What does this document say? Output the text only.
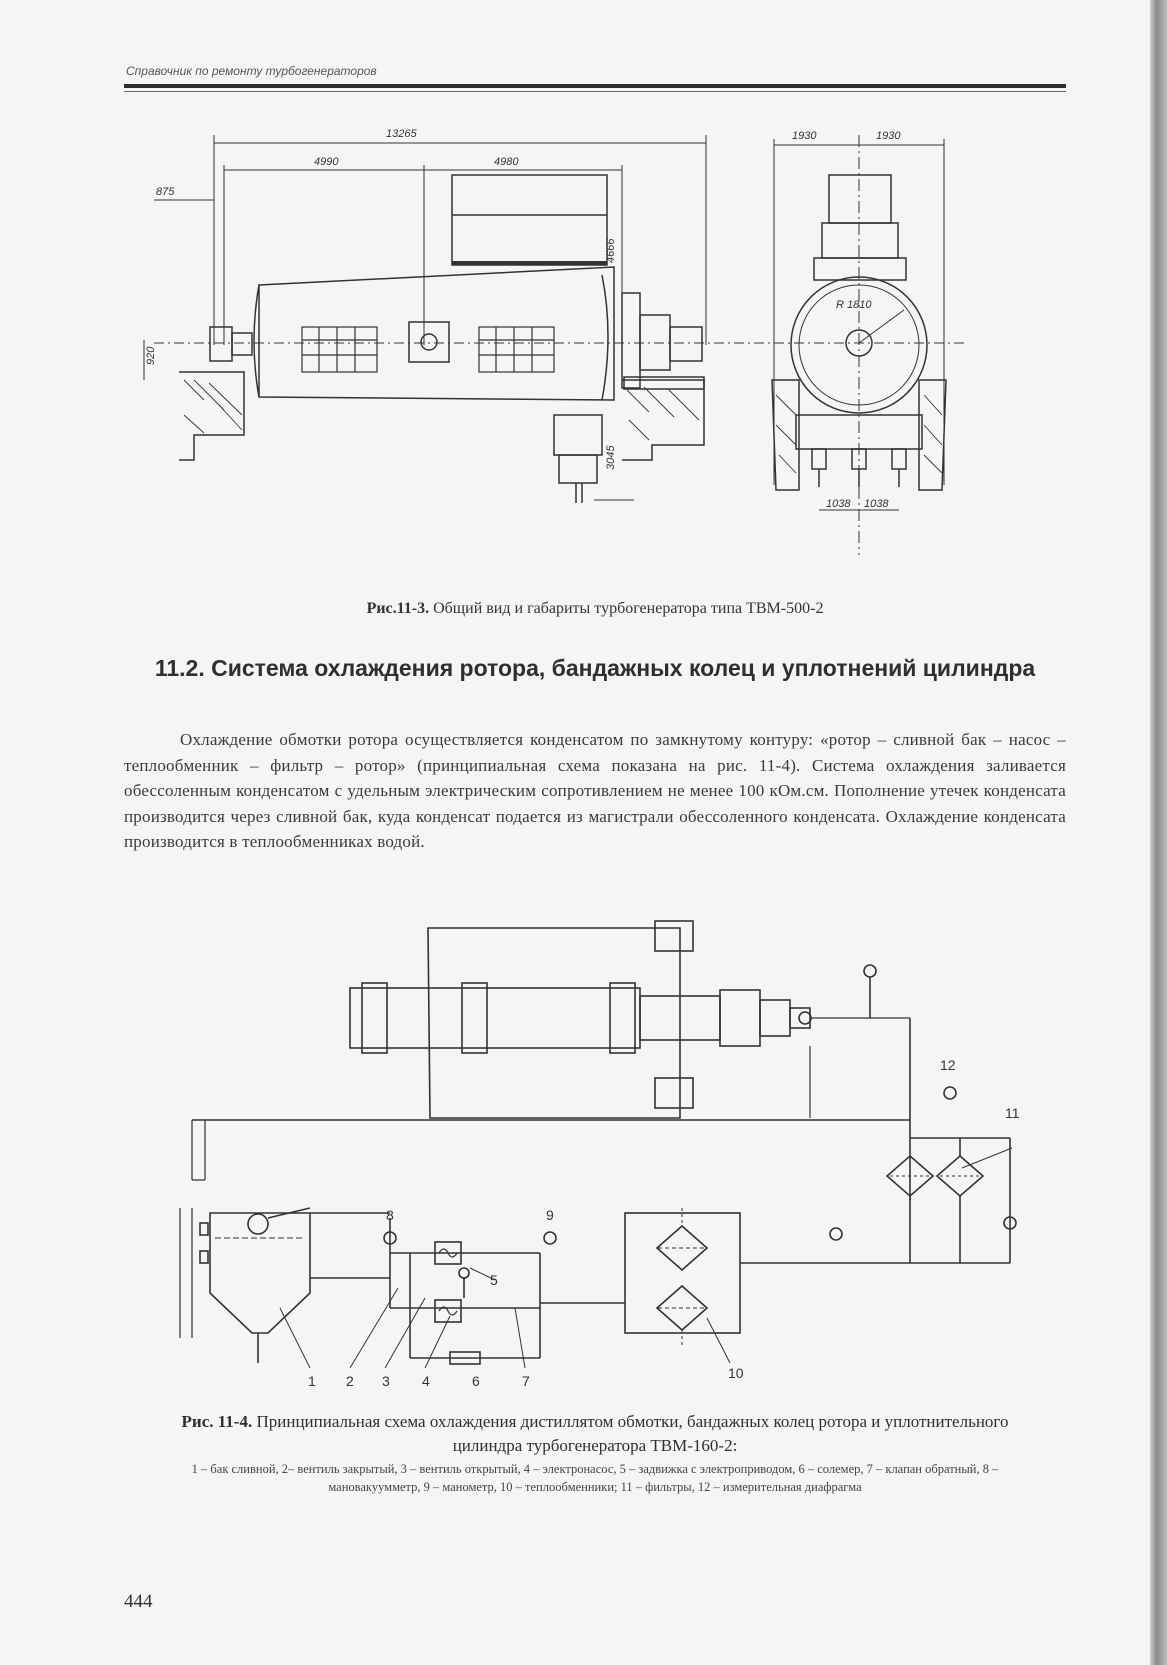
Справочник по ремонту турбогенераторов
13265
4990	4980
875
4666
3045
920
1930	1930
R 1810
1038 1038
Рис.11-3. Общий вид и габариты турбогенератора типа ТВМ-500-2
11.2. Система охлаждения ротора, бандажных колец и уплотнений цилиндра
Охлаждение обмотки ротора осуществляется конденсатом по замкнутому контуру: «ротор – сливной бак – насос – теплообменник – фильтр – ротор» (принципиальная схема показана на рис. 11-4). Система охлаждения заливается обессоленным конденсатом с удельным электрическим сопротивлением не менее 100 кОм.см. Пополнение утечек конденсата производится через сливной бак, куда конденсат подается из магистрали обессоленного конденсата. Охлаждение конденсата производится в теплообменниках водой.
1 2 3 4
5
6	7
8	9
10
11
12
Рис. 11-4. Принципиальная схема охлаждения дистиллятом обмотки, бандажных колец ротора и уплотнительного цилиндра турбогенератора ТВМ-160-2:
1 – бак сливной, 2– вентиль закрытый, 3 – вентиль открытый, 4 – электронасос, 5 – задвижка с электроприводом, 6 – солемер, 7 – клапан обратный, 8 – мановакуумметр, 9 – манометр, 10 – теплообменники; 11 – фильтры, 12 – измерительная диафрагма
444
